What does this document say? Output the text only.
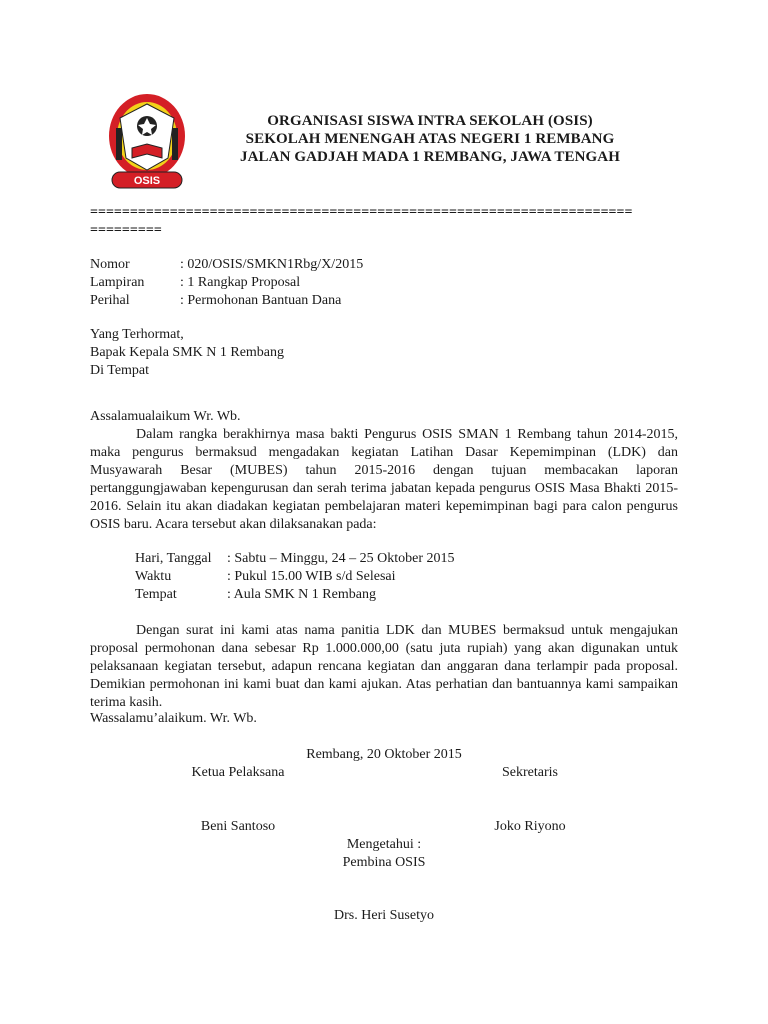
OSIS
ORGANISASI SISWA INTRA SEKOLAH (OSIS)
SEKOLAH MENENGAH ATAS NEGERI 1 REMBANG
JALAN GADJAH MADA 1 REMBANG, JAWA TENGAH
====================================================================
=========
Nomor	: 020/OSIS/SMKN1Rbg/X/2015
Lampiran	: 1 Rangkap Proposal
Perihal	: Permohonan Bantuan Dana
Yang Terhormat,
Bapak Kepala SMK N 1 Rembang
Di Tempat
Assalamualaikum Wr. Wb.
Dalam rangka berakhirnya masa bakti Pengurus OSIS SMAN 1 Rembang tahun 2014-2015, maka pengurus bermaksud mengadakan kegiatan Latihan Dasar Kepemimpinan (LDK) dan Musyawarah Besar (MUBES) tahun 2015-2016 dengan tujuan membacakan laporan pertanggungjawaban kepengurusan dan serah terima jabatan kepada pengurus OSIS Masa Bhakti 2015-2016. Selain itu akan diadakan kegiatan pembelajaran materi kepemimpinan bagi para calon pengurus OSIS baru. Acara tersebut akan dilaksanakan pada:
Hari, Tanggal : Sabtu – Minggu, 24 – 25 Oktober 2015
Waktu	: Pukul 15.00 WIB s/d Selesai
Tempat	: Aula SMK N 1 Rembang
Dengan surat ini kami atas nama panitia LDK dan MUBES bermaksud untuk mengajukan proposal permohonan dana sebesar Rp 1.000.000,00 (satu juta rupiah) yang akan digunakan untuk pelaksanaan kegiatan tersebut, adapun rencana kegiatan dan anggaran dana terlampir pada proposal. Demikian permohonan ini kami buat dan kami ajukan. Atas perhatian dan bantuannya kami sampaikan terima kasih.
Wassalamu’alaikum. Wr. Wb.
Rembang, 20 Oktober 2015
Ketua Pelaksana	Sekretaris
Beni Santoso	Joko Riyono
Mengetahui :
Pembina OSIS
Drs. Heri Susetyo
